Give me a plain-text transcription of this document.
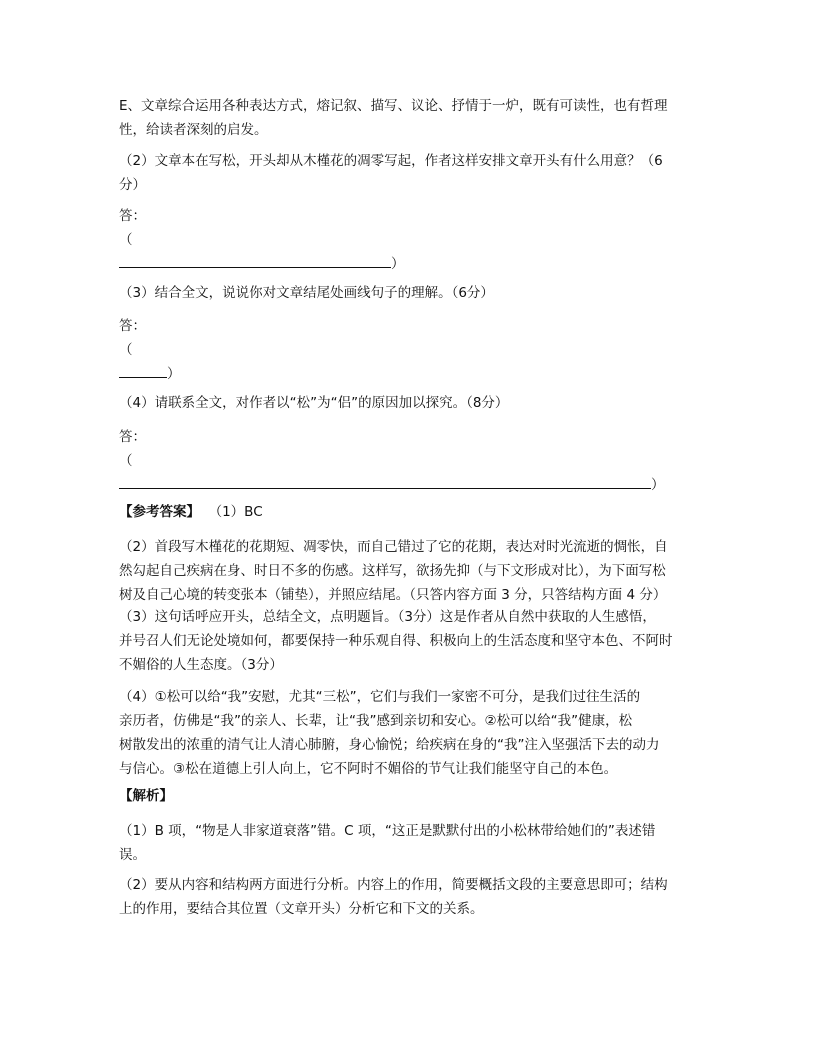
E、文章综合运用各种表达方式，熔记叙、描写、议论、抒情于一炉，既有可读性，也有哲理
性，给读者深刻的启发。
（2）文章本在写松，开头却从木槿花的凋零写起，作者这样安排文章开头有什么用意？（6
分）
答：
（
）
（3）结合全文，说说你对文章结尾处画线句子的理解。（6分）
答：
（
）
（4）请联系全文，对作者以“松”为“侣”的原因加以探究。（8分）
答：
（
）
【参考答案】 （1）BC
（2）首段写木槿花的花期短、凋零快，而自己错过了它的花期，表达对时光流逝的惆怅，自
然勾起自己疾病在身、时日不多的伤感。这样写，欲扬先抑（与下文形成对比），为下面写松
树及自己心境的转变张本（铺垫），并照应结尾。（只答内容方面 3 分，只答结构方面 4 分）
（3）这句话呼应开头，总结全文，点明题旨。（3分）这是作者从自然中获取的人生感悟，
并号召人们无论处境如何，都要保持一种乐观自得、积极向上的生活态度和坚守本色、不阿时
不媚俗的人生态度。（3分）
（4）①松可以给“我”安慰，尤其“三松”，它们与我们一家密不可分，是我们过往生活的
亲历者，仿佛是“我”的亲人、长辈，让“我”感到亲切和安心。②松可以给“我”健康，松
树散发出的浓重的清气让人清心肺腑，身心愉悦；给疾病在身的“我”注入坚强活下去的动力
与信心。③松在道德上引人向上，它不阿时不媚俗的节气让我们能坚守自己的本色。
【解析】
（1）B 项，“物是人非家道衰落”错。C 项，“这正是默默付出的小松林带给她们的”表述错
误。
（2）要从内容和结构两方面进行分析。内容上的作用，简要概括文段的主要意思即可；结构
上的作用，要结合其位置（文章开头）分析它和下文的关系。
